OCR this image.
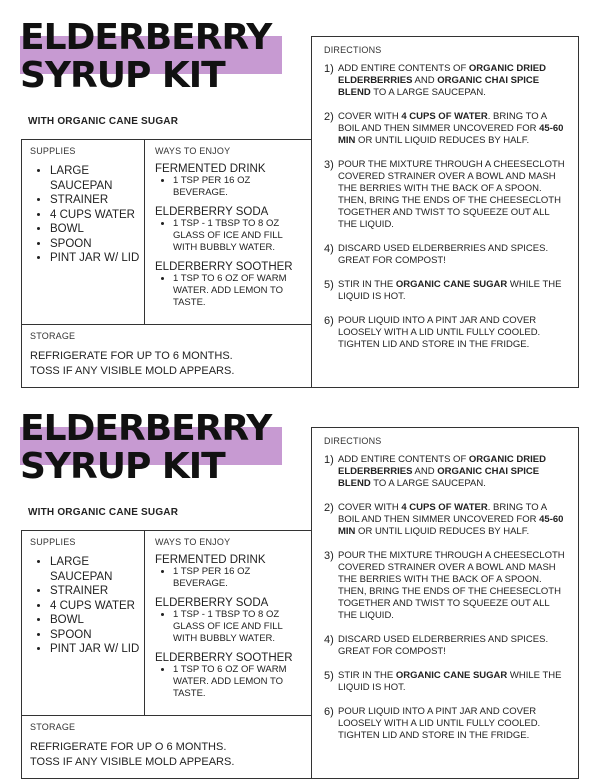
ELDERBERRY
SYRUP KIT
WITH ORGANIC CANE SUGAR
SUPPLIES
• LARGE SAUCEPAN
• STRAINER
• 4 CUPS WATER
• BOWL
• SPOON
• PINT JAR W/ LID
WAYS TO ENJOY
FERMENTED DRINK
• 1 TSP PER 16 OZ BEVERAGE.
ELDERBERRY SODA
• 1 TSP - 1 TBSP TO 8 OZ GLASS OF ICE AND FILL WITH BUBBLY WATER.
ELDERBERRY SOOTHER
• 1 TSP TO 6 OZ OF WARM WATER. ADD LEMON TO TASTE.
STORAGE
REFRIGERATE FOR UP TO 6 MONTHS.
TOSS IF ANY VISIBLE MOLD APPEARS.
DIRECTIONS
1) ADD ENTIRE CONTENTS OF ORGANIC DRIED ELDERBERRIES AND ORGANIC CHAI SPICE BLEND TO A LARGE SAUCEPAN.
2) COVER WITH 4 CUPS OF WATER. BRING TO A BOIL AND THEN SIMMER UNCOVERED FOR 45-60 MIN OR UNTIL LIQUID REDUCES BY HALF.
3) POUR THE MIXTURE THROUGH A CHEESECLOTH COVERED STRAINER OVER A BOWL AND MASH THE BERRIES WITH THE BACK OF A SPOON. THEN, BRING THE ENDS OF THE CHEESECLOTH TOGETHER AND TWIST TO SQUEEZE OUT ALL THE LIQUID.
4) DISCARD USED ELDERBERRIES AND SPICES. GREAT FOR COMPOST!
5) STIR IN THE ORGANIC CANE SUGAR WHILE THE LIQUID IS HOT.
6) POUR LIQUID INTO A PINT JAR AND COVER LOOSELY WITH A LID UNTIL FULLY COOLED. TIGHTEN LID AND STORE IN THE FRIDGE.
ELDERBERRY
SYRUP KIT
WITH ORGANIC CANE SUGAR
SUPPLIES
• LARGE SAUCEPAN
• STRAINER
• 4 CUPS WATER
• BOWL
• SPOON
• PINT JAR W/ LID
WAYS TO ENJOY
FERMENTED DRINK
• 1 TSP PER 16 OZ BEVERAGE.
ELDERBERRY SODA
• 1 TSP - 1 TBSP TO 8 OZ GLASS OF ICE AND FILL WITH BUBBLY WATER.
ELDERBERRY SOOTHER
• 1 TSP TO 6 OZ OF WARM WATER. ADD LEMON TO TASTE.
STORAGE
REFRIGERATE FOR UP O 6 MONTHS.
TOSS IF ANY VISIBLE MOLD APPEARS.
DIRECTIONS
1) ADD ENTIRE CONTENTS OF ORGANIC DRIED ELDERBERRIES AND ORGANIC CHAI SPICE BLEND TO A LARGE SAUCEPAN.
2) COVER WITH 4 CUPS OF WATER. BRING TO A BOIL AND THEN SIMMER UNCOVERED FOR 45-60 MIN OR UNTIL LIQUID REDUCES BY HALF.
3) POUR THE MIXTURE THROUGH A CHEESECLOTH COVERED STRAINER OVER A BOWL AND MASH THE BERRIES WITH THE BACK OF A SPOON. THEN, BRING THE ENDS OF THE CHEESECLOTH TOGETHER AND TWIST TO SQUEEZE OUT ALL THE LIQUID.
4) DISCARD USED ELDERBERRIES AND SPICES. GREAT FOR COMPOST!
5) STIR IN THE ORGANIC CANE SUGAR WHILE THE LIQUID IS HOT.
6) POUR LIQUID INTO A PINT JAR AND COVER LOOSELY WITH A LID UNTIL FULLY COOLED. TIGHTEN LID AND STORE IN THE FRIDGE.
